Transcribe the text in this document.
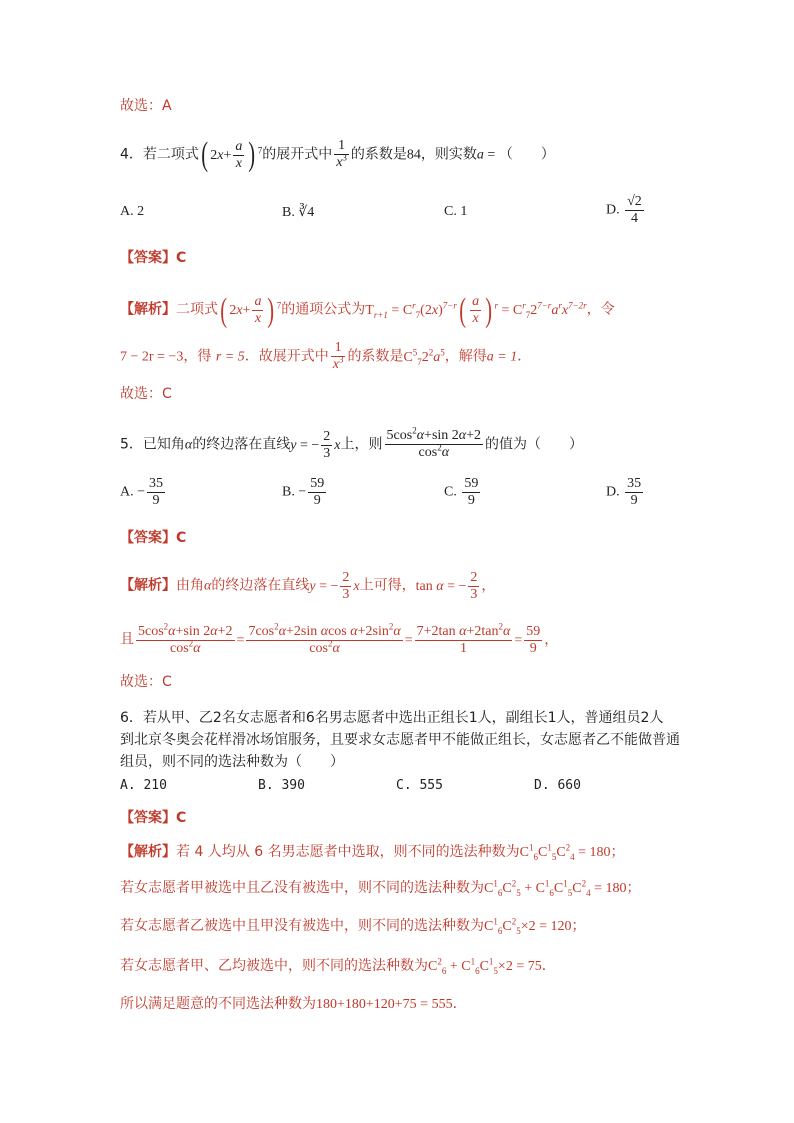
故选：A
4．若二项式( $2x+ \frac{a}{x}$ ) $^7$的展开式中 $\frac{1}{x^3}$ 的系数是84，则实数a = （　　）
A. 2	B. ∛4	C. 1	D. $\frac{√2}{4}$
【答案】C
【解析】二项式( $2x+ \frac{a}{x}$ ) $^7$的通项公式为$T_{r+1} = C^r_7(2x)^{7-r}( \frac{a}{x}$ ) $^r = C^r_72^{7-r}a^rx^{7-2r}$，令
7 − 2r = −3，得 r = 5．故展开式中 $\frac{1}{x^3}$ 的系数是$C^5_72^2a^5$，解得a = 1．
故选：C
5．已知角α的终边落在直线y = − $\frac{2}{3}$ x上，则 $\frac{5\cos^2\alpha+\sin 2\alpha+2}{\cos^2\alpha}$ 的值为（　　）
A. − $\frac{35}{9}$	B. − $\frac{59}{9}$	C. $\frac{59}{9}$	D. $\frac{35}{9}$
【答案】C
【解析】由角α的终边落在直线y = − $\frac{2}{3}$ x上可得，tan α = − $\frac{2}{3}$ ，
且 $\frac{5\cos^2\alpha+\sin 2\alpha+2}{\cos^2\alpha} = \frac{7\cos^2\alpha+2\sin \alpha\cos \alpha+2\sin^2\alpha}{\cos^2\alpha} = \frac{7+2\tan \alpha+2\tan^2\alpha}{1} = \frac{59}{9}$ ，
故选：C
6．若从甲、乙2名女志愿者和6名男志愿者中选出正组长1人，副组长1人，普通组员2人
到北京冬奥会花样滑冰场馆服务，且要求女志愿者甲不能做正组长，女志愿者乙不能做普通
组员，则不同的选法种数为（　　）
A. 210	B. 390	C. 555	D. 660
【答案】C
【解析】若 4 人均从 6 名男志愿者中选取，则不同的选法种数为$C^1_6C^1_5C^2_4 = 180$；
若女志愿者甲被选中且乙没有被选中，则不同的选法种数为$C^1_6C^2_5 + C^1_6C^1_5C^2_4 = 180$；
若女志愿者乙被选中且甲没有被选中，则不同的选法种数为$C^1_6C^2_5\times 2 = 120$；
若女志愿者甲、乙均被选中，则不同的选法种数为$C^2_6 + C^1_6C^1_5\times 2 = 75$．
所以满足题意的不同选法种数为180+180+120+75 = 555．
